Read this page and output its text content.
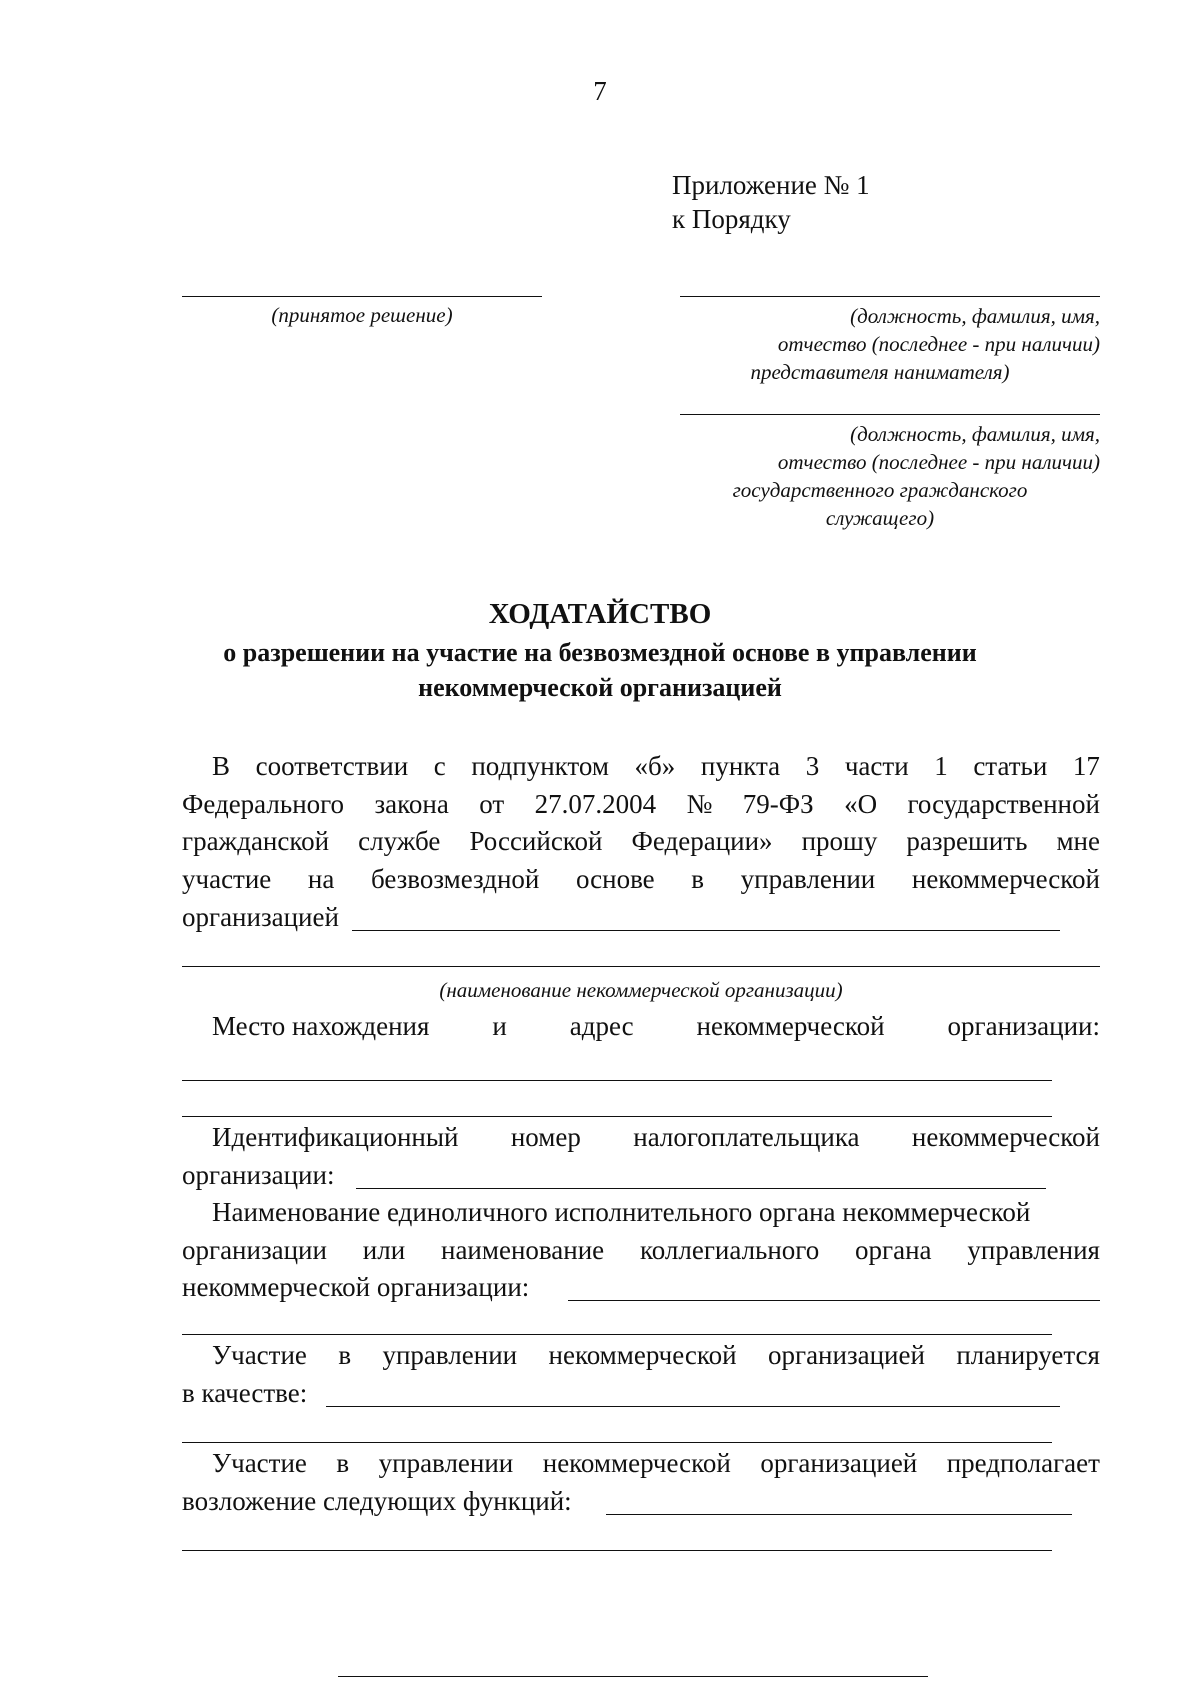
7
Приложение № 1
к Порядку
(принятое решение)	(должность, фамилия, имя,
отчество (последнее - при наличии)
представителя нанимателя)
(должность, фамилия, имя,
отчество (последнее - при наличии)
государственного гражданского
служащего)
ХОДАТАЙСТВО
о разрешении на участие на безвозмездной основе в управлении
некоммерческой организацией
В соответствии с подпунктом «б» пункта 3 части 1 статьи 17
Федерального закона от 27.07.2004 № 79-ФЗ «О государственной
гражданской службе Российской Федерации» прошу разрешить мне
участие на безвозмездной основе в управлении некоммерческой
организацией
(наименование некоммерческой организации)
Место нахождения и адрес некоммерческой организации:
Идентификационный номер налогоплательщика некоммерческой
организации:
Наименование единоличного исполнительного органа некоммерческой
организации или наименование коллегиального органа управления
некоммерческой организации:
Участие в управлении некоммерческой организацией планируется
в качестве:
Участие в управлении некоммерческой организацией предполагает
возложение следующих функций:
